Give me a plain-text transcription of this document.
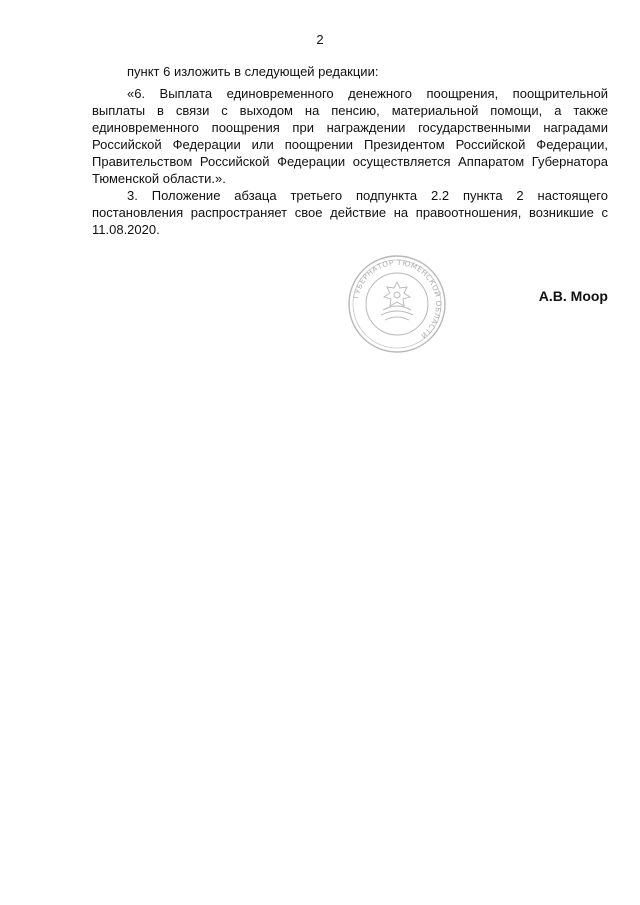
2

пункт 6 изложить в следующей редакции:

«6. Выплата единовременного денежного поощрения, поощрительной выплаты в связи с выходом на пенсию, материальной помощи, а также единовременного поощрения при награждении государственными наградами Российской Федерации или поощрении Президентом Российской Федерации, Правительством Российской Федерации осуществляется Аппаратом Губернатора Тюменской области.».

3. Положение абзаца третьего подпункта 2.2 пункта 2 настоящего постановления распространяет свое действие на правоотношения, возникшие с 11.08.2020.

ГУБЕРНАТОР ТЮМЕНСКОЙ ОБЛАСТИ
А.В. Моор
